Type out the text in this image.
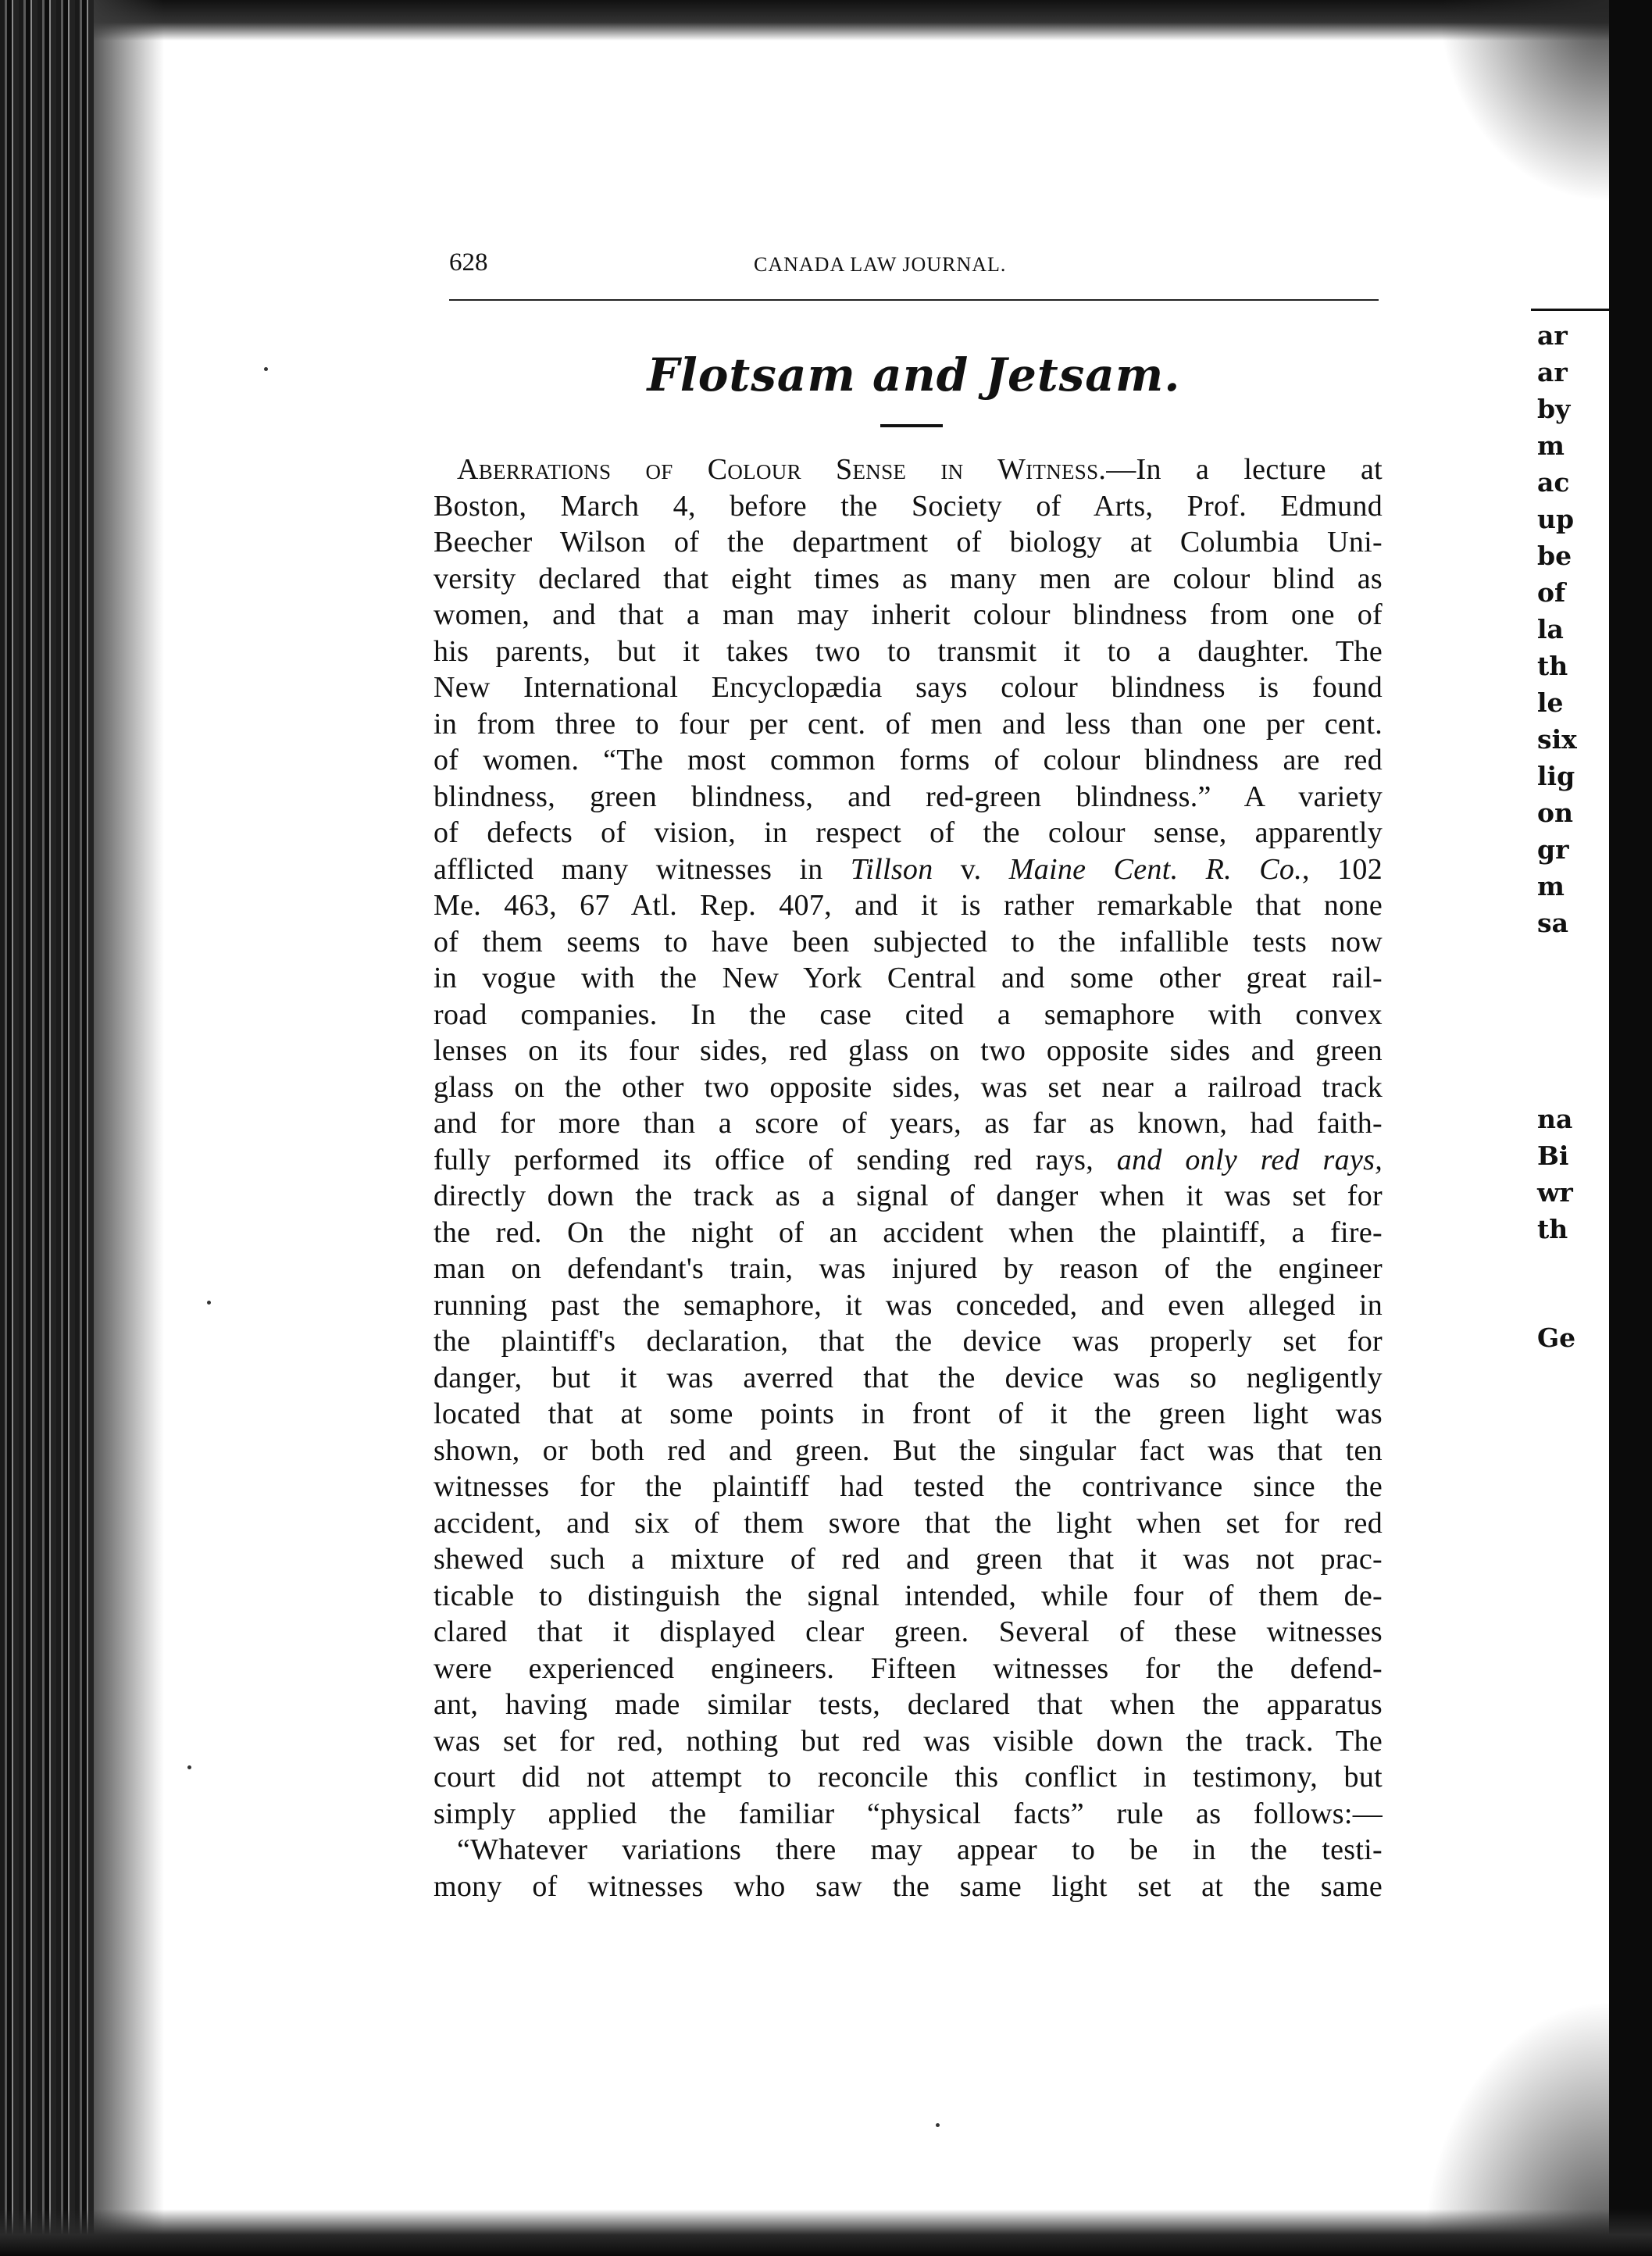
ar
ar
by
m
ac
up
be
of
la
th
le
six
lig
on
gr
m
sa
na
Bi
wr
th
Ge
628	CANADA LAW JOURNAL.
Flotsam and Jetsam.
Aberrations of Colour Sense in Witness.—In a lecture at
Boston, March 4, before the Society of Arts, Prof. Edmund
Beecher Wilson of the department of biology at Columbia Uni-
versity declared that eight times as many men are colour blind as
women, and that a man may inherit colour blindness from one of
his parents, but it takes two to transmit it to a daughter. The
New International Encyclopædia says colour blindness is found
in from three to four per cent. of men and less than one per cent.
of women. “The most common forms of colour blindness are red
blindness, green blindness, and red-green blindness.” A variety
of defects of vision, in respect of the colour sense, apparently
afflicted many witnesses in Tillson v. Maine Cent. R. Co., 102
Me. 463, 67 Atl. Rep. 407, and it is rather remarkable that none
of them seems to have been subjected to the infallible tests now
in vogue with the New York Central and some other great rail-
road companies. In the case cited a semaphore with convex
lenses on its four sides, red glass on two opposite sides and green
glass on the other two opposite sides, was set near a railroad track
and for more than a score of years, as far as known, had faith-
fully performed its office of sending red rays, and only red rays,
directly down the track as a signal of danger when it was set for
the red. On the night of an accident when the plaintiff, a fire-
man on defendant's train, was injured by reason of the engineer
running past the semaphore, it was conceded, and even alleged in
the plaintiff's declaration, that the device was properly set for
danger, but it was averred that the device was so negligently
located that at some points in front of it the green light was
shown, or both red and green. But the singular fact was that ten
witnesses for the plaintiff had tested the contrivance since the
accident, and six of them swore that the light when set for red
shewed such a mixture of red and green that it was not prac-
ticable to distinguish the signal intended, while four of them de-
clared that it displayed clear green. Several of these witnesses
were experienced engineers. Fifteen witnesses for the defend-
ant, having made similar tests, declared that when the apparatus
was set for red, nothing but red was visible down the track. The
court did not attempt to reconcile this conflict in testimony, but
simply applied the familiar “physical facts” rule as follows:—
“Whatever variations there may appear to be in the testi-
mony of witnesses who saw the same light set at the same
